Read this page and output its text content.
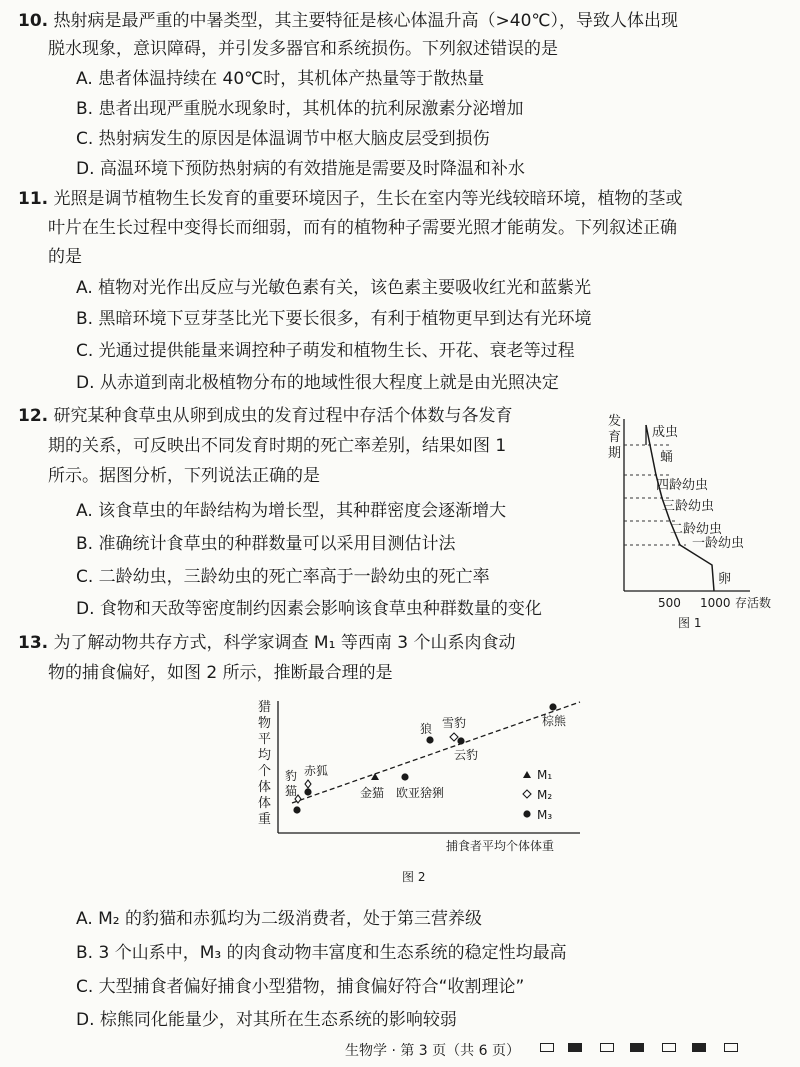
10. 热射病是最严重的中暑类型，其主要特征是核心体温升高（>40℃），导致人体出现
脱水现象，意识障碍，并引发多器官和系统损伤。下列叙述错误的是
A. 患者体温持续在 40℃时，其机体产热量等于散热量
B. 患者出现严重脱水现象时，其机体的抗利尿激素分泌增加
C. 热射病发生的原因是体温调节中枢大脑皮层受到损伤
D. 高温环境下预防热射病的有效措施是需要及时降温和补水
11. 光照是调节植物生长发育的重要环境因子，生长在室内等光线较暗环境，植物的茎或
叶片在生长过程中变得长而细弱，而有的植物种子需要光照才能萌发。下列叙述正确
的是
A. 植物对光作出反应与光敏色素有关，该色素主要吸收红光和蓝紫光
B. 黑暗环境下豆芽茎比光下要长很多，有利于植物更早到达有光环境
C. 光通过提供能量来调控种子萌发和植物生长、开花、衰老等过程
D. 从赤道到南北极植物分布的地域性很大程度上就是由光照决定
12. 研究某种食草虫从卵到成虫的发育过程中存活个体数与各发育
期的关系，可反映出不同发育时期的死亡率差别，结果如图 1
所示。据图分析，下列说法正确的是
A. 该食草虫的年龄结构为增长型，其种群密度会逐渐增大
B. 准确统计食草虫的种群数量可以采用目测估计法
C. 二龄幼虫，三龄幼虫的死亡率高于一龄幼虫的死亡率
D. 食物和天敌等密度制约因素会影响该食草虫种群数量的变化
发
育
期
成虫
蛹
四龄幼虫
三龄幼虫
二龄幼虫
一龄幼虫
卵
500 1000 存活数
图 1
13. 为了解动物共存方式，科学家调查 M₁ 等西南 3 个山系肉食动
物的捕食偏好，如图 2 所示，推断最合理的是
猎
物
平
均
个
体
体
重
豹
猫
赤狐
金猫 欧亚猞猁
狼 雪豹
云豹
棕熊
M₁
M₂
M₃
捕食者平均个体体重
图 2
A. M₂ 的豹猫和赤狐均为二级消费者，处于第三营养级
B. 3 个山系中，M₃ 的肉食动物丰富度和生态系统的稳定性均最高
C. 大型捕食者偏好捕食小型猎物，捕食偏好符合“收割理论”
D. 棕熊同化能量少，对其所在生态系统的影响较弱
生物学 · 第 3 页（共 6 页）
